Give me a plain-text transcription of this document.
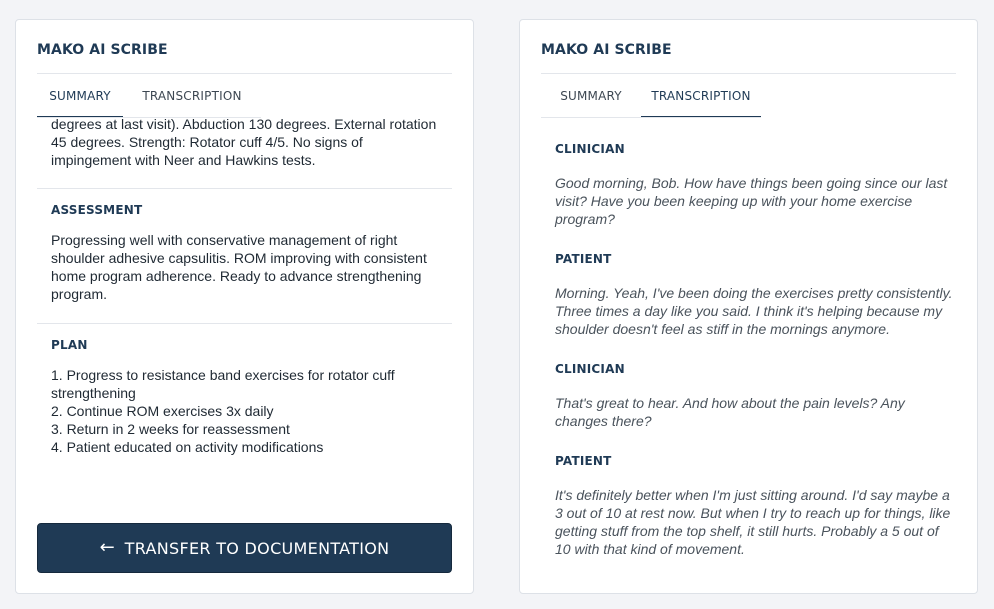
MAKO AI SCRIBE
SUMMARY	TRANSCRIPTION
degrees at last visit). Abduction 130 degrees. External rotation
45 degrees. Strength: Rotator cuff 4/5. No signs of
impingement with Neer and Hawkins tests.
ASSESSMENT
Progressing well with conservative management of right
shoulder adhesive capsulitis. ROM improving with consistent
home program adherence. Ready to advance strengthening
program.
PLAN
1. Progress to resistance band exercises for rotator cuff
strengthening
2. Continue ROM exercises 3x daily
3. Return in 2 weeks for reassessment
4. Patient educated on activity modifications
← TRANSFER TO DOCUMENTATION
MAKO AI SCRIBE
SUMMARY	TRANSCRIPTION
CLINICIAN
Good morning, Bob. How have things been going since our last visit? Have you been keeping up with your home exercise program?
PATIENT
Morning. Yeah, I've been doing the exercises pretty consistently. Three times a day like you said. I think it's helping because my shoulder doesn't feel as stiff in the mornings anymore.
CLINICIAN
That's great to hear. And how about the pain levels? Any changes there?
PATIENT
It's definitely better when I'm just sitting around. I'd say maybe a 3 out of 10 at rest now. But when I try to reach up for things, like getting stuff from the top shelf, it still hurts. Probably a 5 out of 10 with that kind of movement.
